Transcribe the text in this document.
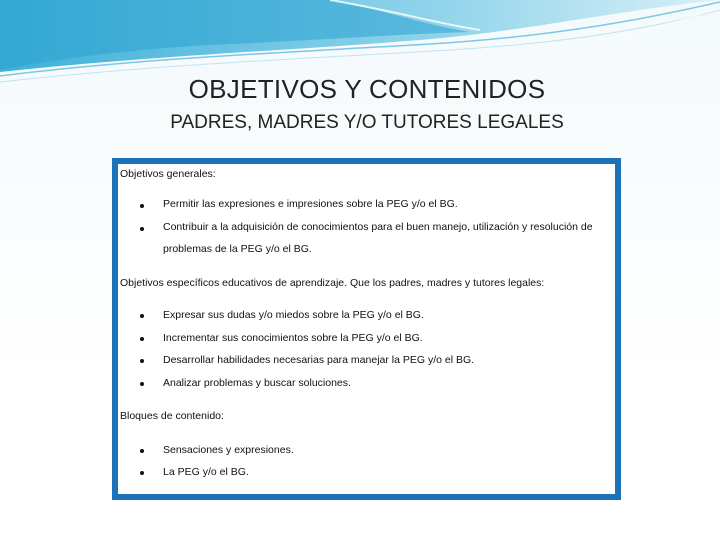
OBJETIVOS Y CONTENIDOS
PADRES, MADRES Y/O TUTORES LEGALES
Objetivos generales:
Permitir las expresiones e impresiones sobre la PEG y/o el BG.
Contribuir a la adquisición de conocimientos para el buen manejo, utilización y resolución de
problemas de la PEG y/o el BG.
Objetivos específicos educativos de aprendizaje. Que los padres, madres y tutores legales:
Expresar sus dudas y/o miedos sobre la PEG y/o el BG.
Incrementar sus conocimientos sobre la PEG y/o el BG.
Desarrollar habilidades necesarias para manejar la PEG y/o el BG.
Analizar problemas y buscar soluciones.
Bloques de contenido:
Sensaciones y expresiones.
La PEG y/o el BG.
